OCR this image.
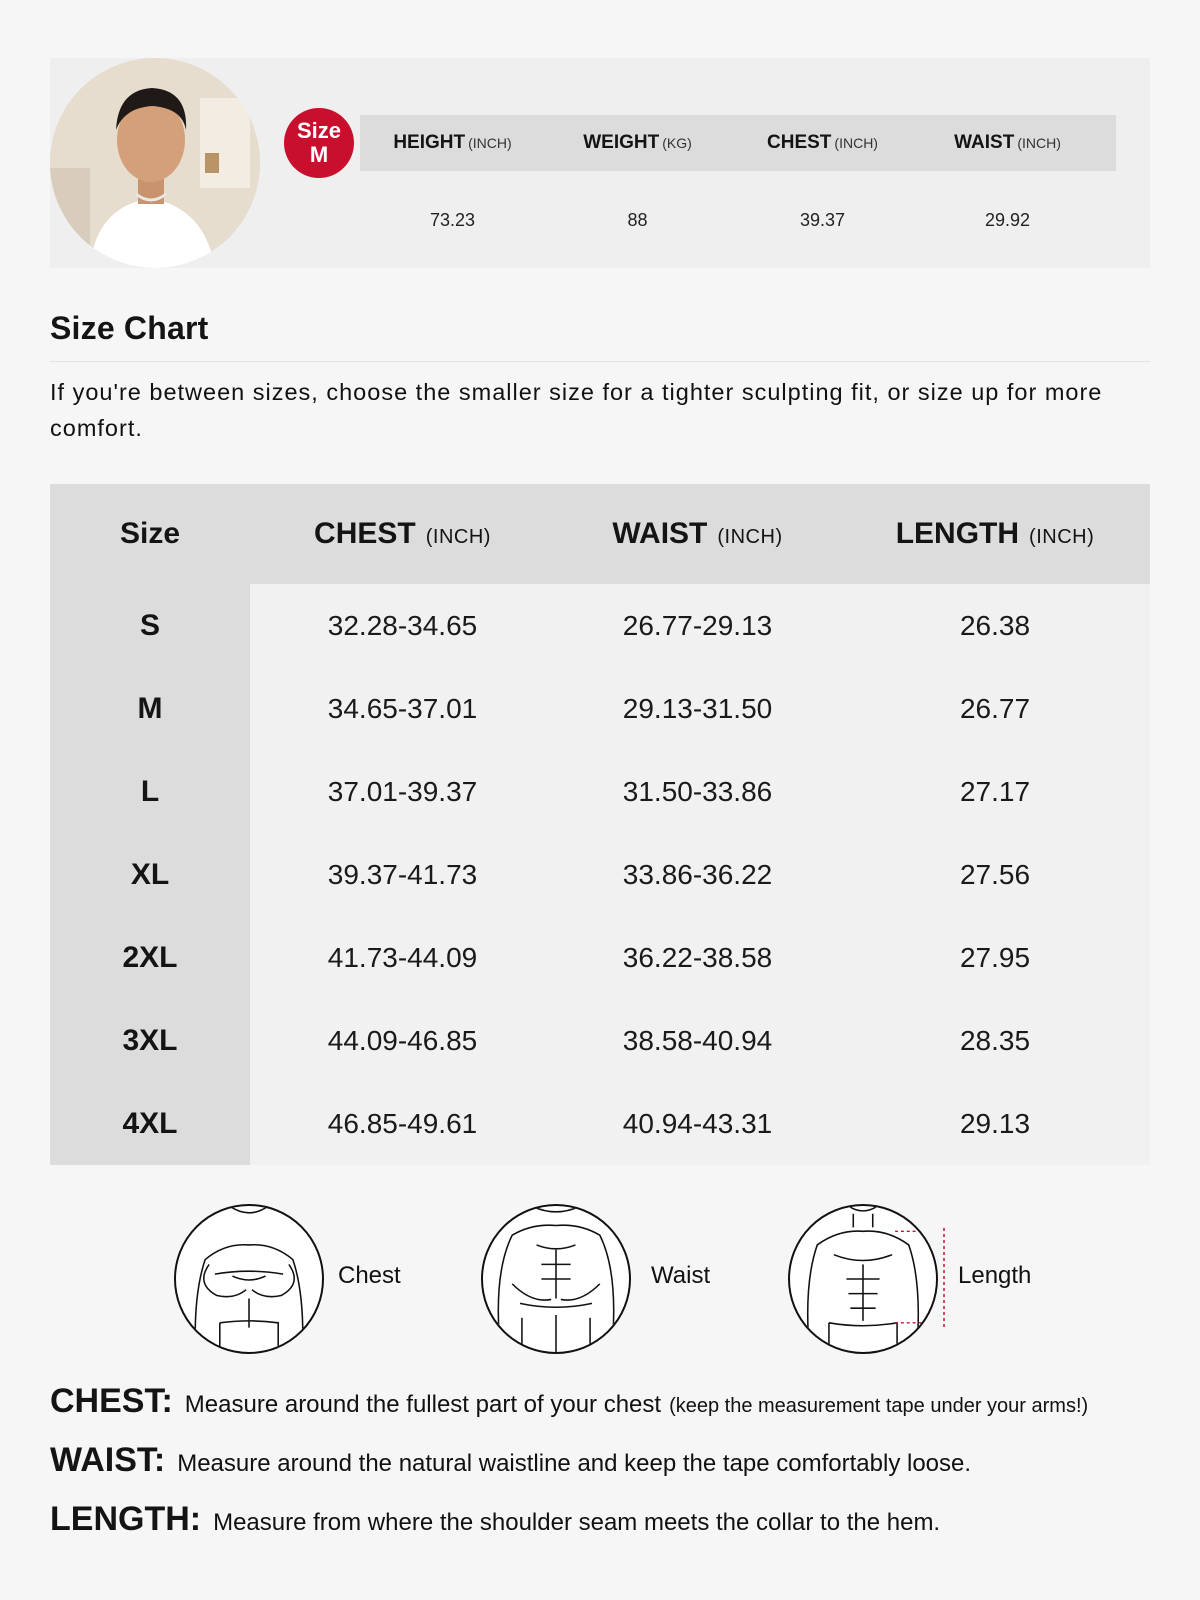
Size
M	HEIGHT (INCH)	WEIGHT (KG)	CHEST (INCH)	WAIST (INCH)
73.23	88	39.37	29.92
Size Chart
If you're between sizes, choose the smaller size for a tighter sculpting fit, or size up for more comfort.
Size	CHEST (INCH)	WAIST (INCH)	LENGTH (INCH)
S	32.28-34.65	26.77-29.13	26.38
M	34.65-37.01	29.13-31.50	26.77
L	37.01-39.37	31.50-33.86	27.17
XL	39.37-41.73	33.86-36.22	27.56
2XL	41.73-44.09	36.22-38.58	27.95
3XL	44.09-46.85	38.58-40.94	28.35
4XL	46.85-49.61	40.94-43.31	29.13
Chest	Waist	Length
CHEST: Measure around the fullest part of your chest (keep the measurement tape under your arms!)
WAIST: Measure around the natural waistline and keep the tape comfortably loose.
LENGTH: Measure from where the shoulder seam meets the collar to the hem.
